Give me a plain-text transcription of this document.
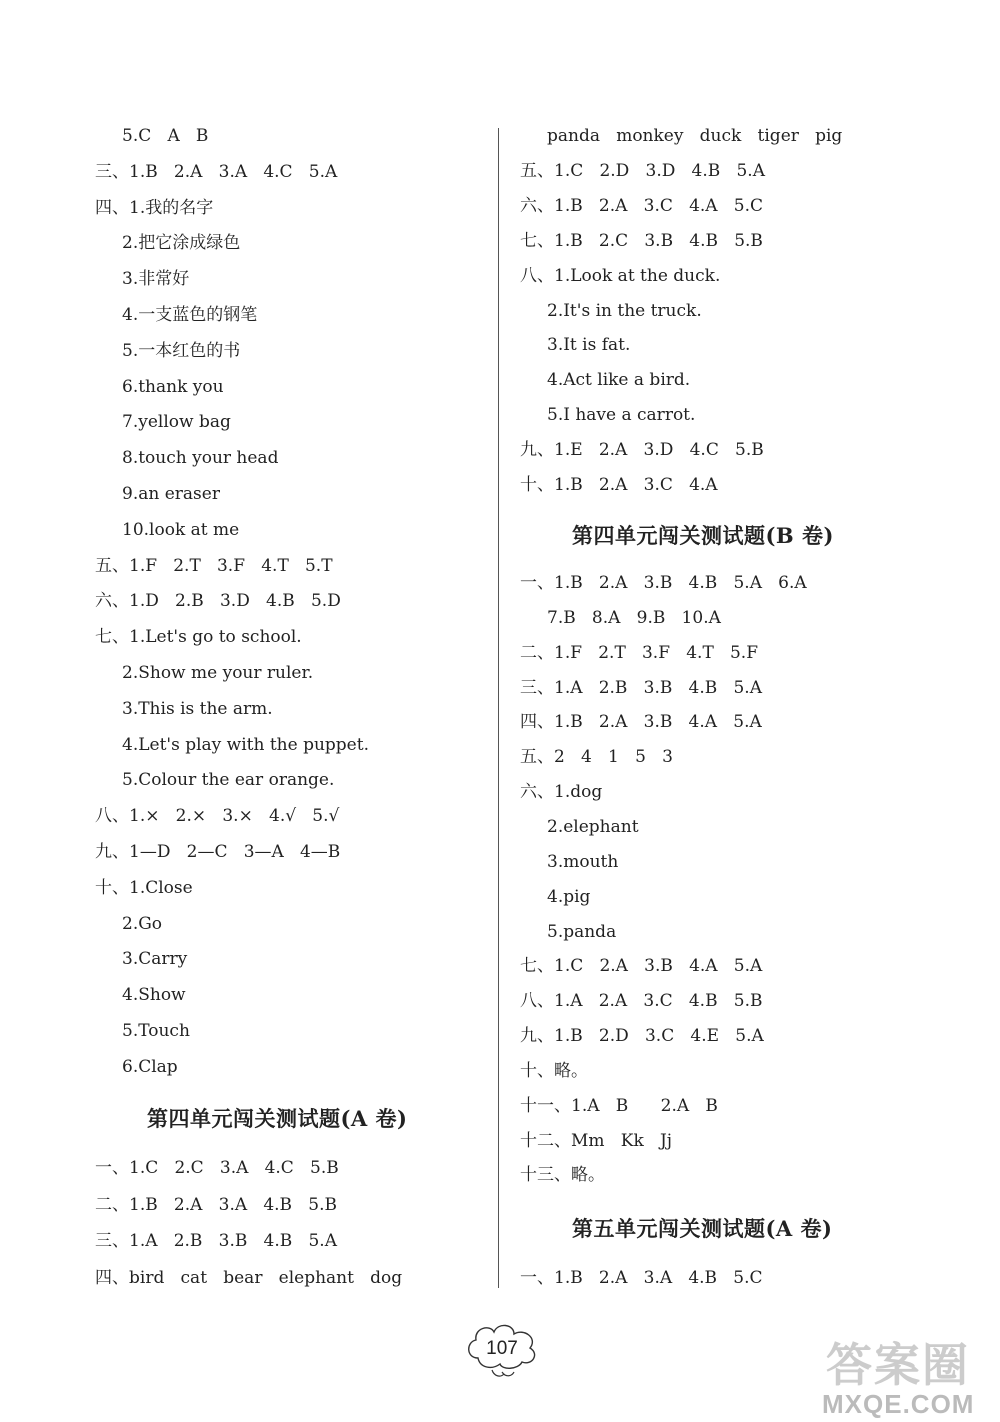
5.C   A   B
三、1.B   2.A   3.A   4.C   5.A
四、1.我的名字
2.把它涂成绿色
3.非常好
4.一支蓝色的钢笔
5.一本红色的书
6.thank you
7.yellow bag
8.touch your head
9.an eraser
10.look at me
五、1.F   2.T   3.F   4.T   5.T
六、1.D   2.B   3.D   4.B   5.D
七、1.Let's go to school.
2.Show me your ruler.
3.This is the arm.
4.Let's play with the puppet.
5.Colour the ear orange.
八、1.×   2.×   3.×   4.√   5.√
九、1—D   2—C   3—A   4—B
十、1.Close
2.Go
3.Carry
4.Show
5.Touch
6.Clap
第四单元闯关测试题(A 卷)
一、1.C   2.C   3.A   4.C   5.B
二、1.B   2.A   3.A   4.B   5.B
三、1.A   2.B   3.B   4.B   5.A
四、bird   cat   bear   elephant   dog
panda   monkey   duck   tiger   pig
五、1.C   2.D   3.D   4.B   5.A
六、1.B   2.A   3.C   4.A   5.C
七、1.B   2.C   3.B   4.B   5.B
八、1.Look at the duck.
2.It's in the truck.
3.It is fat.
4.Act like a bird.
5.I have a carrot.
九、1.E   2.A   3.D   4.C   5.B
十、1.B   2.A   3.C   4.A
第四单元闯关测试题(B 卷)
一、1.B   2.A   3.B   4.B   5.A   6.A
7.B   8.A   9.B   10.A
二、1.F   2.T   3.F   4.T   5.F
三、1.A   2.B   3.B   4.B   5.A
四、1.B   2.A   3.B   4.A   5.A
五、2   4   1   5   3
六、1.dog
2.elephant
3.mouth
4.pig
5.panda
七、1.C   2.A   3.B   4.A   5.A
八、1.A   2.A   3.C   4.B   5.B
九、1.B   2.D   3.C   4.E   5.A
十、略。
十一、1.A   B      2.A   B
十二、Mm   Kk   Jj
十三、略。
第五单元闯关测试题(A 卷)
一、1.B   2.A   3.A   4.B   5.C
107	答案圈
MXQE.COM
